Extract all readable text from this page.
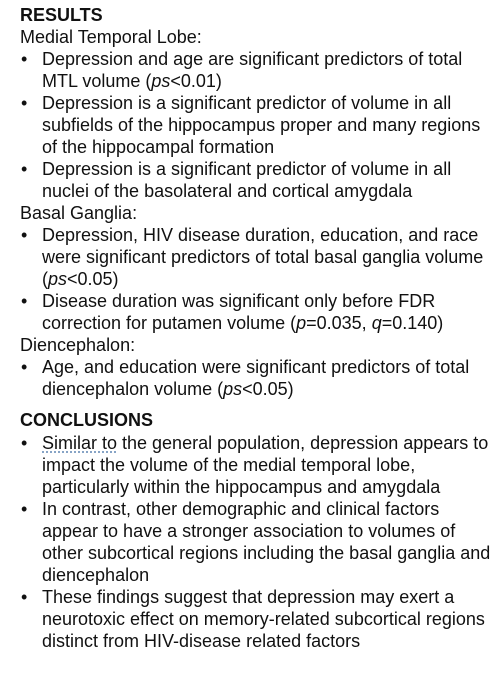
RESULTS
Medial Temporal Lobe:
• Depression and age are significant predictors of total MTL volume (ps<0.01)
• Depression is a significant predictor of volume in all subfields of the hippocampus proper and many regions of the hippocampal formation
• Depression is a significant predictor of volume in all nuclei of the basolateral and cortical amygdala
Basal Ganglia:
• Depression, HIV disease duration, education, and race were significant predictors of total basal ganglia volume (ps<0.05)
• Disease duration was significant only before FDR correction for putamen volume (p=0.035, q=0.140)
Diencephalon:
• Age, and education were significant predictors of total diencephalon volume (ps<0.05)
CONCLUSIONS
• Similar to the general population, depression appears to impact the volume of the medial temporal lobe, particularly within the hippocampus and amygdala
• In contrast, other demographic and clinical factors appear to have a stronger association to volumes of other subcortical regions including the basal ganglia and diencephalon
• These findings suggest that depression may exert a neurotoxic effect on memory-related subcortical regions distinct from HIV-disease related factors
